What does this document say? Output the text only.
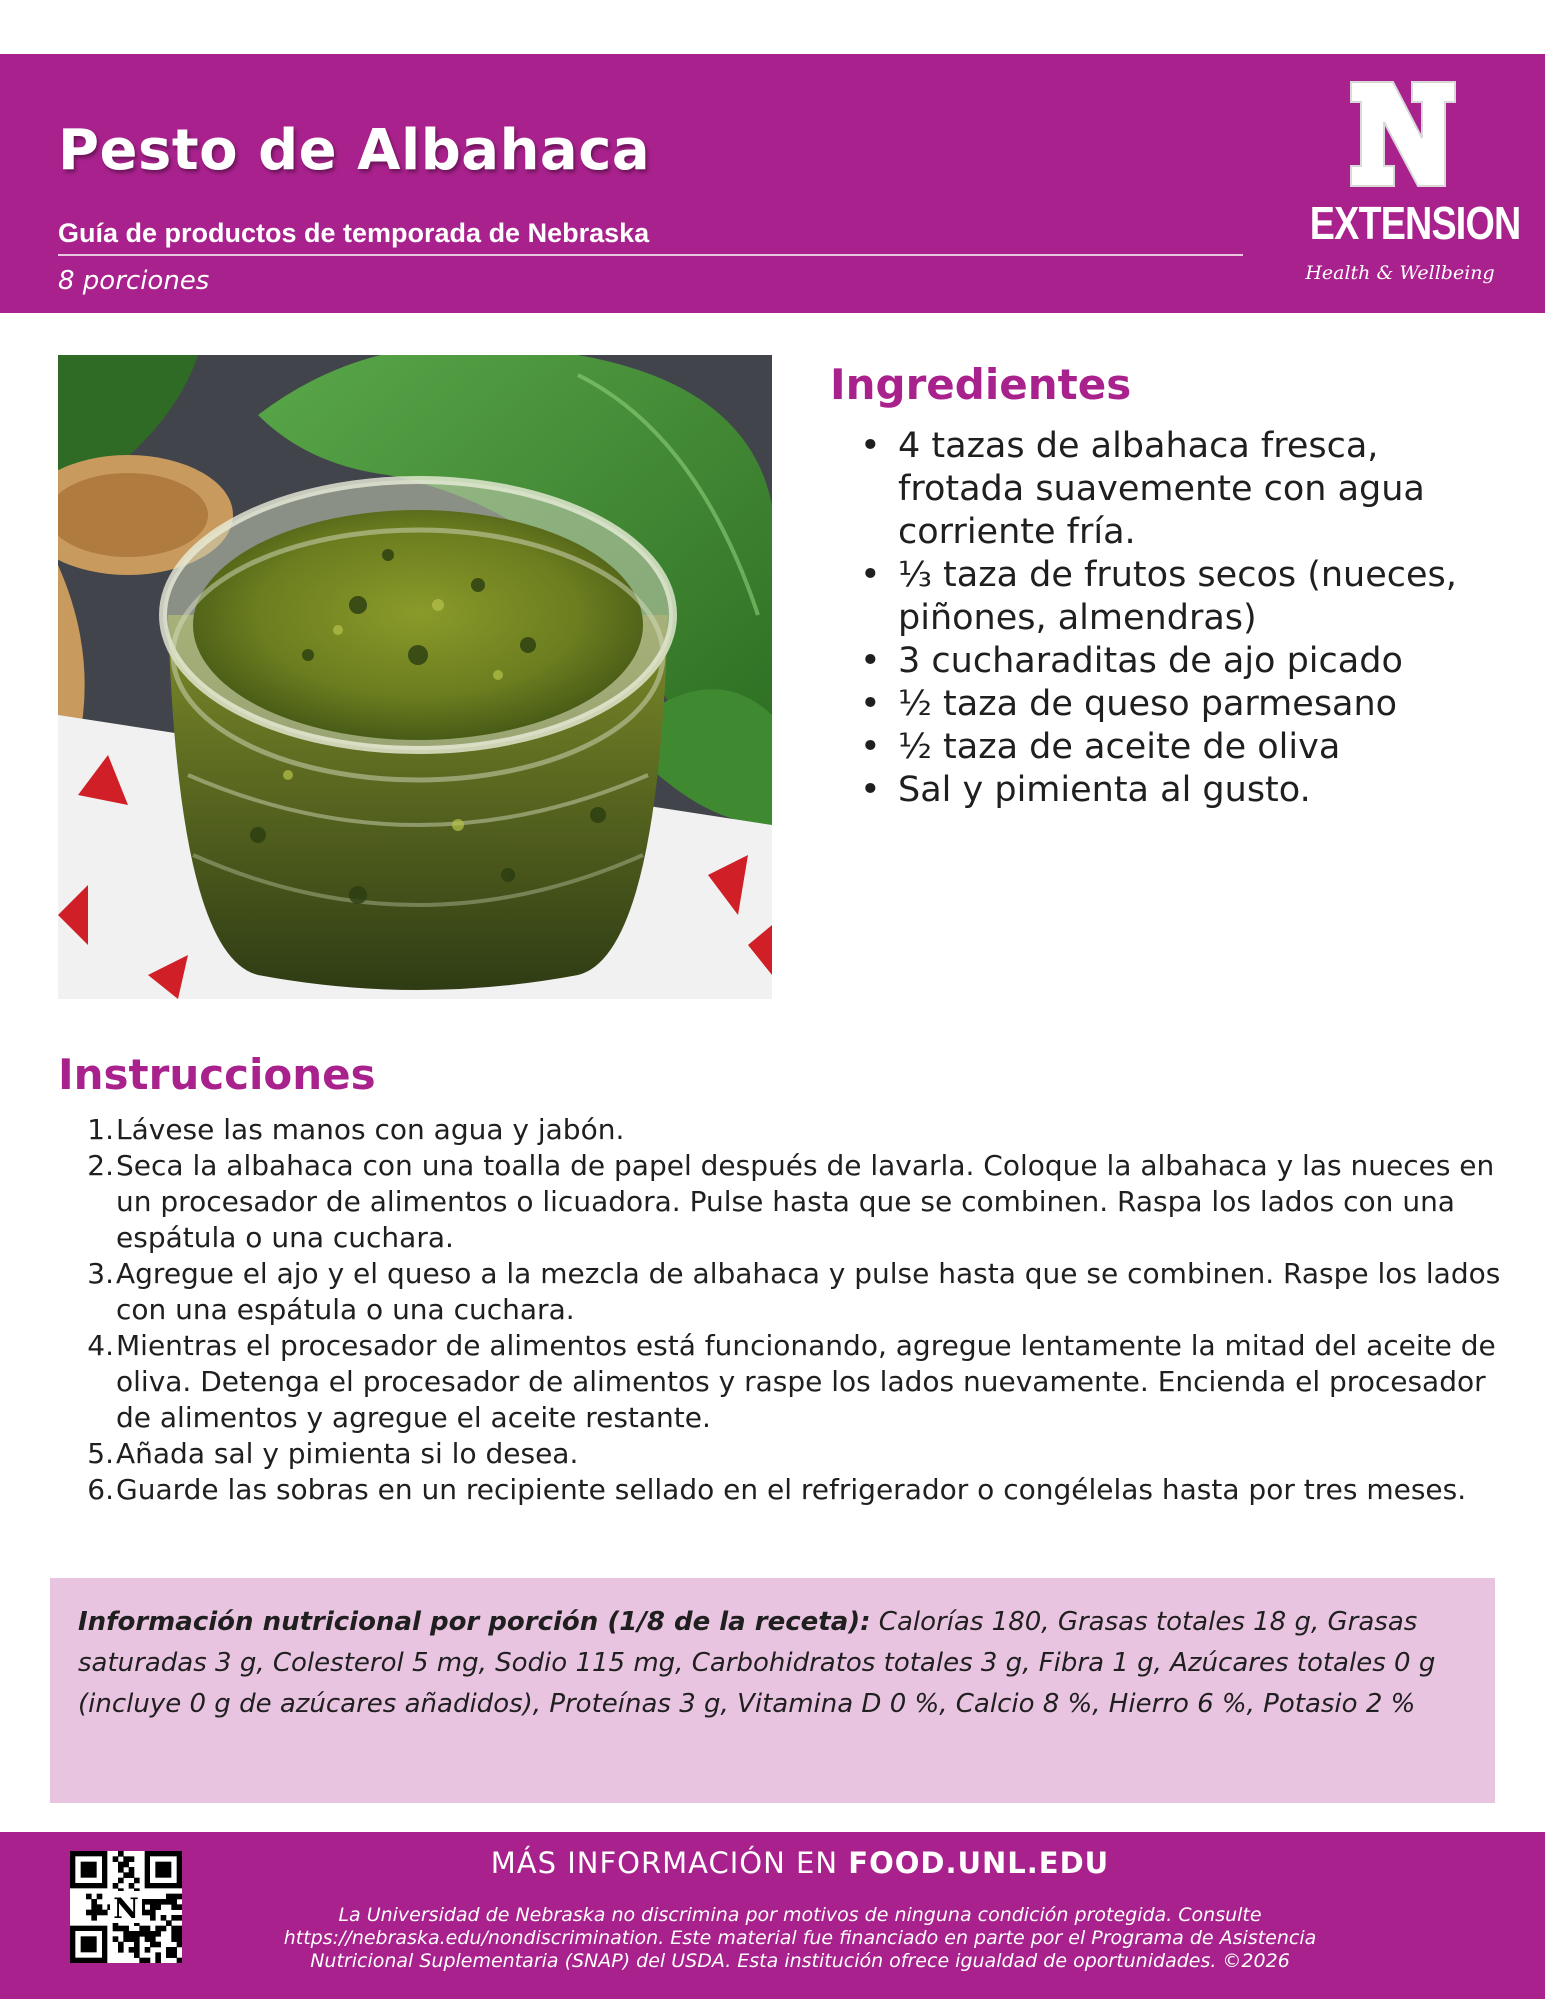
Pesto de Albahaca
Guía de productos de temporada de Nebraska
8 porciones
EXTENSION
Health & Wellbeing
Ingredientes
• 4 tazas de albahaca fresca, frotada suavemente con agua corriente fría.
• ⅓ taza de frutos secos (nueces, piñones, almendras)
• 3 cucharaditas de ajo picado
• ½ taza de queso parmesano
• ½ taza de aceite de oliva
• Sal y pimienta al gusto.
Instrucciones
1. Lávese las manos con agua y jabón.
2. Seca la albahaca con una toalla de papel después de lavarla. Coloque la albahaca y las nueces en un procesador de alimentos o licuadora. Pulse hasta que se combinen. Raspa los lados con una espátula o una cuchara.
3. Agregue el ajo y el queso a la mezcla de albahaca y pulse hasta que se combinen. Raspe los lados con una espátula o una cuchara.
4. Mientras el procesador de alimentos está funcionando, agregue lentamente la mitad del aceite de oliva. Detenga el procesador de alimentos y raspe los lados nuevamente. Encienda el procesador de alimentos y agregue el aceite restante.
5. Añada sal y pimienta si lo desea.
6. Guarde las sobras en un recipiente sellado en el refrigerador o congélelas hasta por tres meses.
Información nutricional por porción (1/8 de la receta): Calorías 180, Grasas totales 18 g, Grasas saturadas 3 g, Colesterol 5 mg, Sodio 115 mg, Carbohidratos totales 3 g, Fibra 1 g, Azúcares totales 0 g (incluye 0 g de azúcares añadidos), Proteínas 3 g, Vitamina D 0 %, Calcio 8 %, Hierro 6 %, Potasio 2 %
N
MÁS INFORMACIÓN EN FOOD.UNL.EDU
La Universidad de Nebraska no discrimina por motivos de ninguna condición protegida. Consulte https://nebraska.edu/nondiscrimination. Este material fue financiado en parte por el Programa de Asistencia Nutricional Suplementaria (SNAP) del USDA. Esta institución ofrece igualdad de oportunidades. ©2026
